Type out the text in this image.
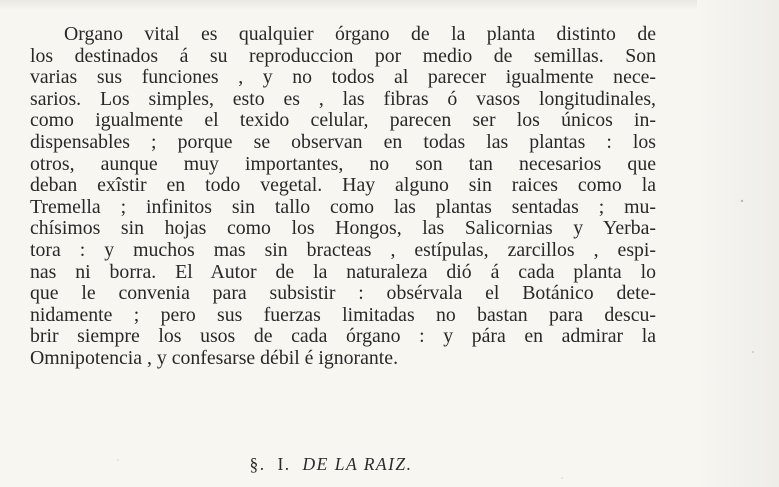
Organo vital es qualquier órgano de la planta distinto de
los destinados á su reproduccion por medio de semillas. Son
varias sus funciones , y no todos al parecer igualmente nece-
sarios. Los simples, esto es , las fibras ó vasos longitudinales,
como igualmente el texido celular, parecen ser los únicos in-
dispensables ; porque se observan en todas las plantas : los
otros, aunque muy importantes, no son tan necesarios que
deban exîstir en todo vegetal. Hay alguno sin raices como la
Tremella ; infinitos sin tallo como las plantas sentadas ; mu-
chísimos sin hojas como los Hongos, las Salicornias y Yerba-
tora : y muchos mas sin bracteas , estípulas, zarcillos , espi-
nas ni borra. El Autor de la naturaleza dió á cada planta lo
que le convenia para subsistir : obsérvala el Botánico dete-
nidamente ; pero sus fuerzas limitadas no bastan para descu-
brir siempre los usos de cada órgano : y pára en admirar la
Omnipotencia , y confesarse débil é ignorante.
§. I. DE LA RAIZ.
